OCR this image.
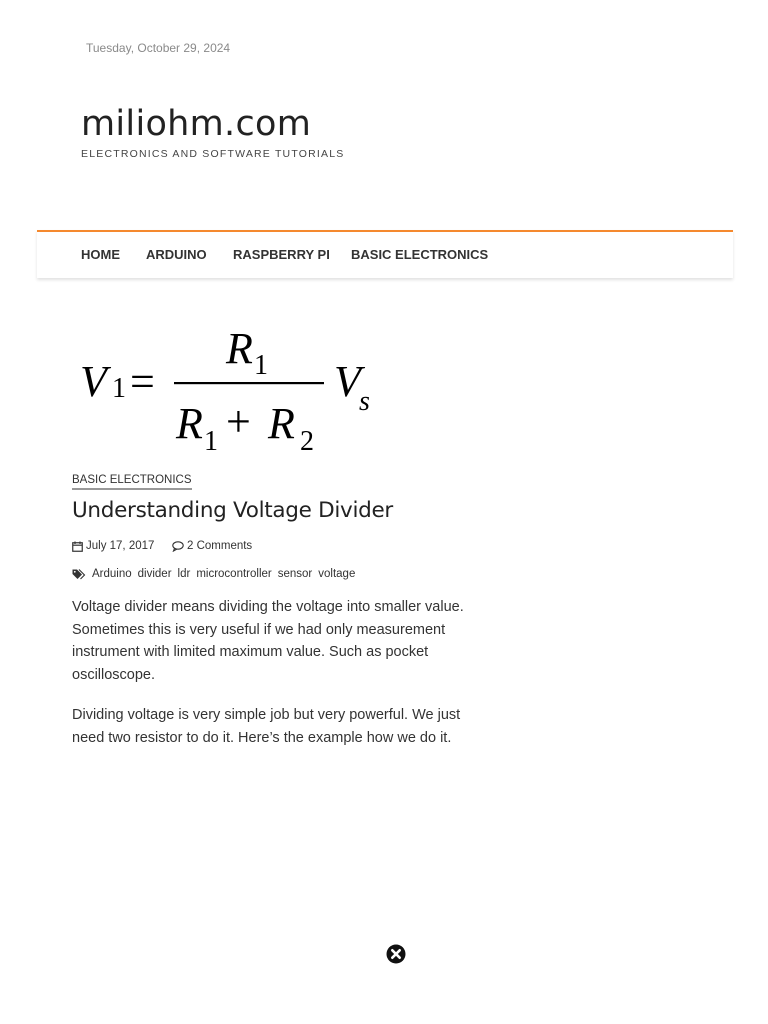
Tuesday, October 29, 2024
miliohm.com
ELECTRONICS AND SOFTWARE TUTORIALS
HOME ARDUINO RASPBERRY PI BASIC ELECTRONICS
V 1 =
R 1
R 1 + R 2
V
s
BASIC ELECTRONICS
Understanding Voltage Divider
July 17, 2017	2 Comments
Arduino divider ldr microcontroller sensor voltage

Voltage divider means dividing the voltage into smaller value. Sometimes this is very useful if we had only measurement instrument with limited maximum value. Such as pocket oscilloscope.

Dividing voltage is very simple job but very powerful. We just need two resistor to do it. Here’s the example how we do it.
